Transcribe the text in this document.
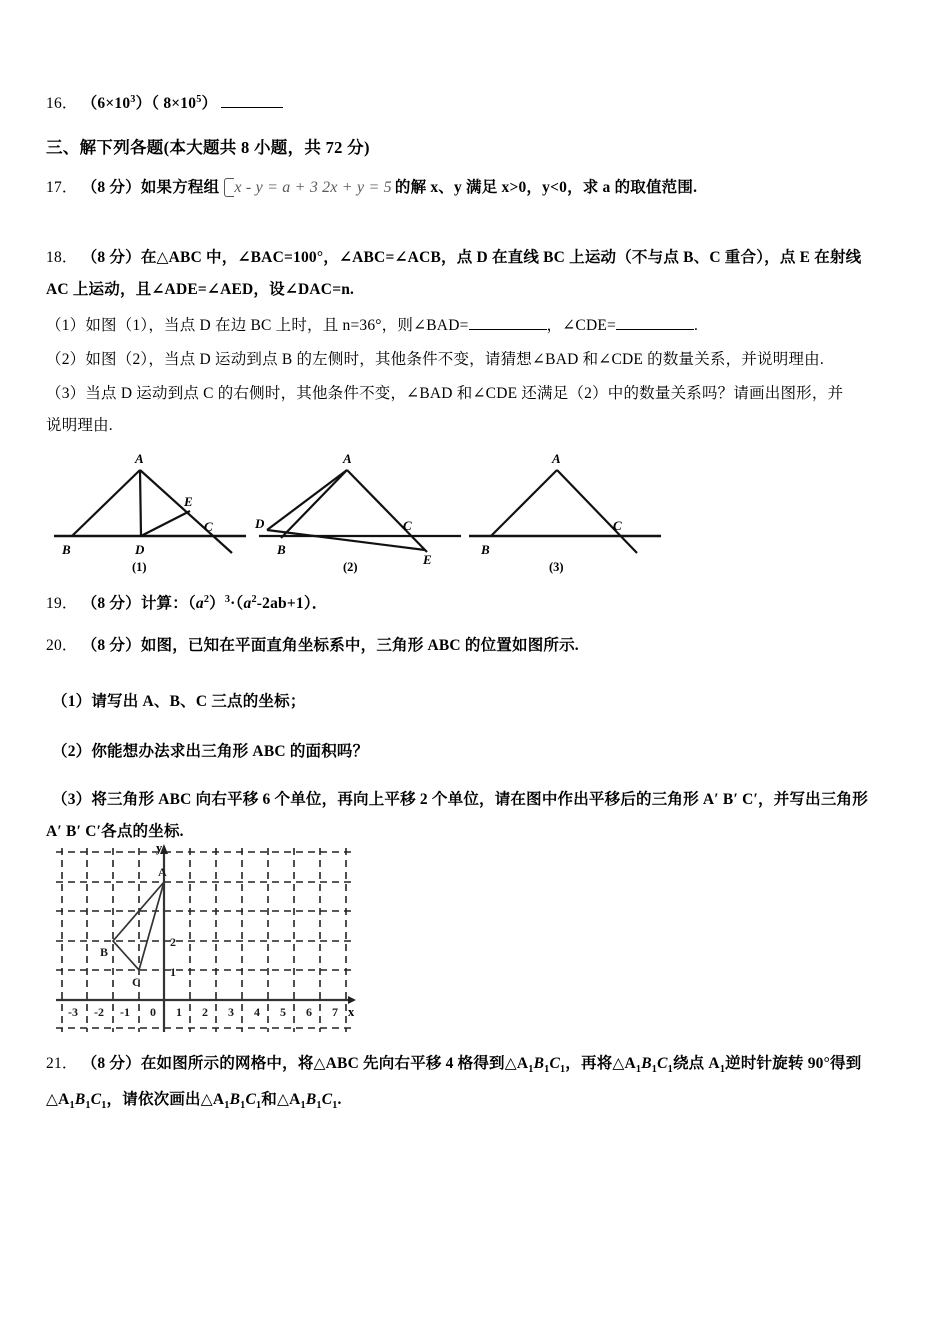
16． $(6\times 10^3)$（ $8\times 10^5$）
三、解下列各题(本大题共 8 小题，共 72 分)
17． （8 分）如果方程组 x - y = a + 3 2x + y = 5 的解 x、y 满足 x>0，y<0，求 a 的取值范围.
18． （8 分）在△ABC 中，∠BAC=100°，∠ABC=∠ACB，点 D 在直线 BC 上运动（不与点 B、C 重合），点 E 在射线
AC 上运动，且∠ADE=∠AED，设∠DAC=n.
（1）如图（1），当点 D 在边 BC 上时，且 n=36°，则∠BAD=	，∠CDE=	.
（2）如图（2），当点 D 运动到点 B 的左侧时，其他条件不变，请猜想∠BAD 和∠CDE 的数量关系，并说明理由.
（3）当点 D 运动到点 C 的右侧时，其他条件不变，∠BAD 和∠CDE 还满足（2）中的数量关系吗？请画出图形，并
说明理由.
A
B
C
D
E
(1)
A
B
C
D
E
(2)
A
B
C
(3)
19． （8 分）计算：$(a^2)^3\cdot(a^2-2ab+1)$．
20． （8 分）如图，已知在平面直角坐标系中，三角形 ABC 的位置如图所示.
（1）请写出 A、B、C 三点的坐标；
（2）你能想办法求出三角形 ABC 的面积吗？
（3）将三角形 ABC 向右平移 6 个单位，再向上平移 2 个单位，请在图中作出平移后的三角形 A′ B′ C′，并写出三角形
A′ B′ C′各点的坐标.
x
y
-3 -2 -1 0 1 2 3 4 5 6 7
1
2
A
B
C
21． （8 分）在如图所示的网格中，将△ABC 先向右平移 4 格得到$\triangle A_1B_1C_1$，再将$\triangle A_1B_1C_1$绕点 $A_1$逆时针旋转 90°得到
$\triangle A_1B_1C_1$，请依次画出$\triangle A_1B_1C_1$和$\triangle A_1B_1C_1$.
